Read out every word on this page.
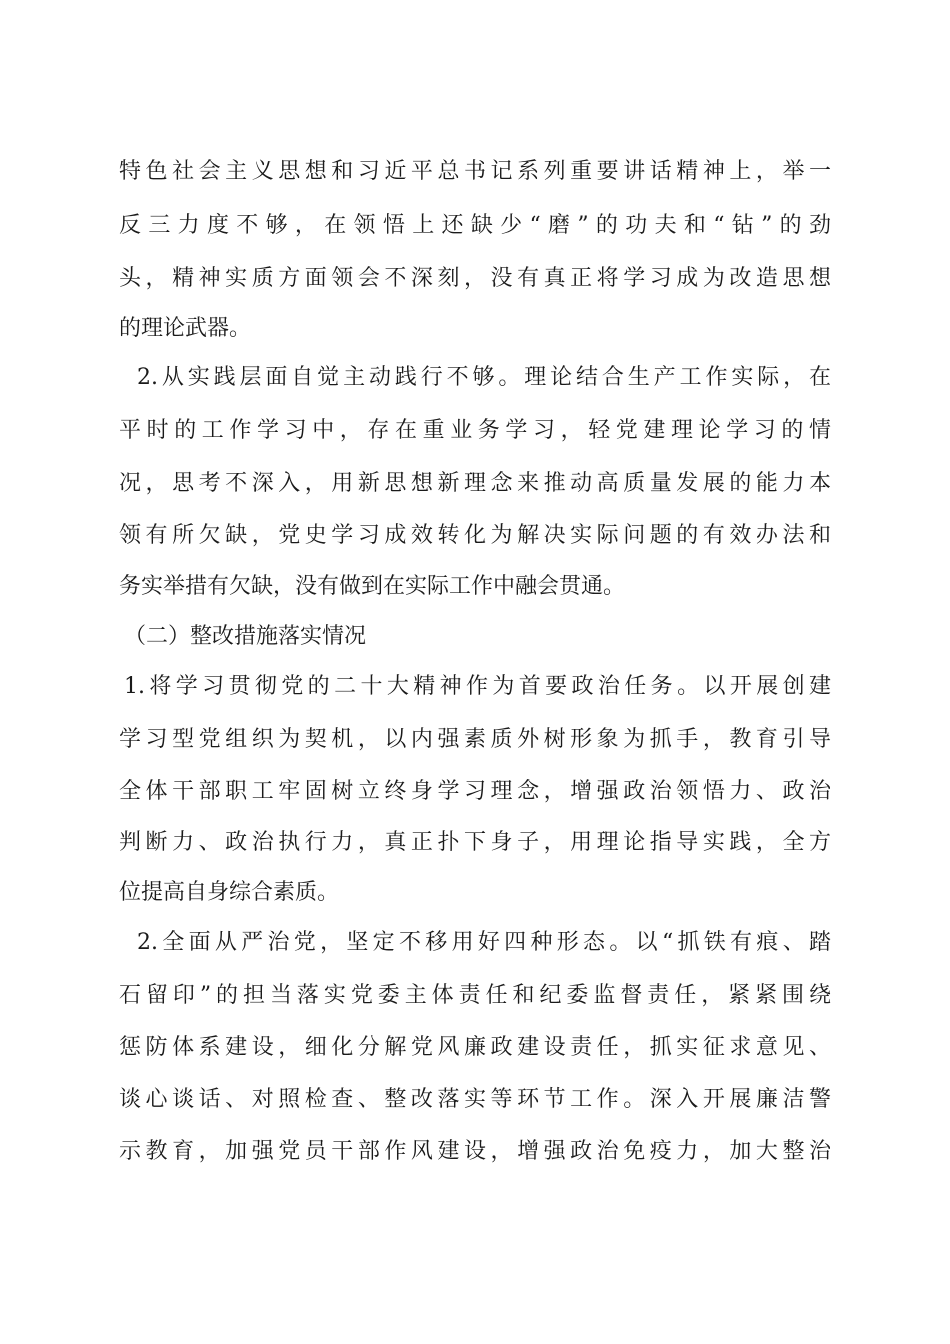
特色社会主义思想和习近平总书记系列重要讲话精神上，举一
反三力度不够，在领悟上还缺少“磨”的功夫和“钻”的劲
头，精神实质方面领会不深刻，没有真正将学习成为改造思想
的理论武器。
2.从实践层面自觉主动践行不够。理论结合生产工作实际，在
平时的工作学习中，存在重业务学习，轻党建理论学习的情
况，思考不深入，用新思想新理念来推动高质量发展的能力本
领有所欠缺，党史学习成效转化为解决实际问题的有效办法和
务实举措有欠缺，没有做到在实际工作中融会贯通。
（二）整改措施落实情况
1.将学习贯彻党的二十大精神作为首要政治任务。以开展创建
学习型党组织为契机，以内强素质外树形象为抓手，教育引导
全体干部职工牢固树立终身学习理念，增强政治领悟力、政治
判断力、政治执行力，真正扑下身子，用理论指导实践，全方
位提高自身综合素质。
2.全面从严治党，坚定不移用好四种形态。以“抓铁有痕、踏
石留印”的担当落实党委主体责任和纪委监督责任，紧紧围绕
惩防体系建设，细化分解党风廉政建设责任，抓实征求意见、
谈心谈话、对照检查、整改落实等环节工作。深入开展廉洁警
示教育，加强党员干部作风建设，增强政治免疫力，加大整治
